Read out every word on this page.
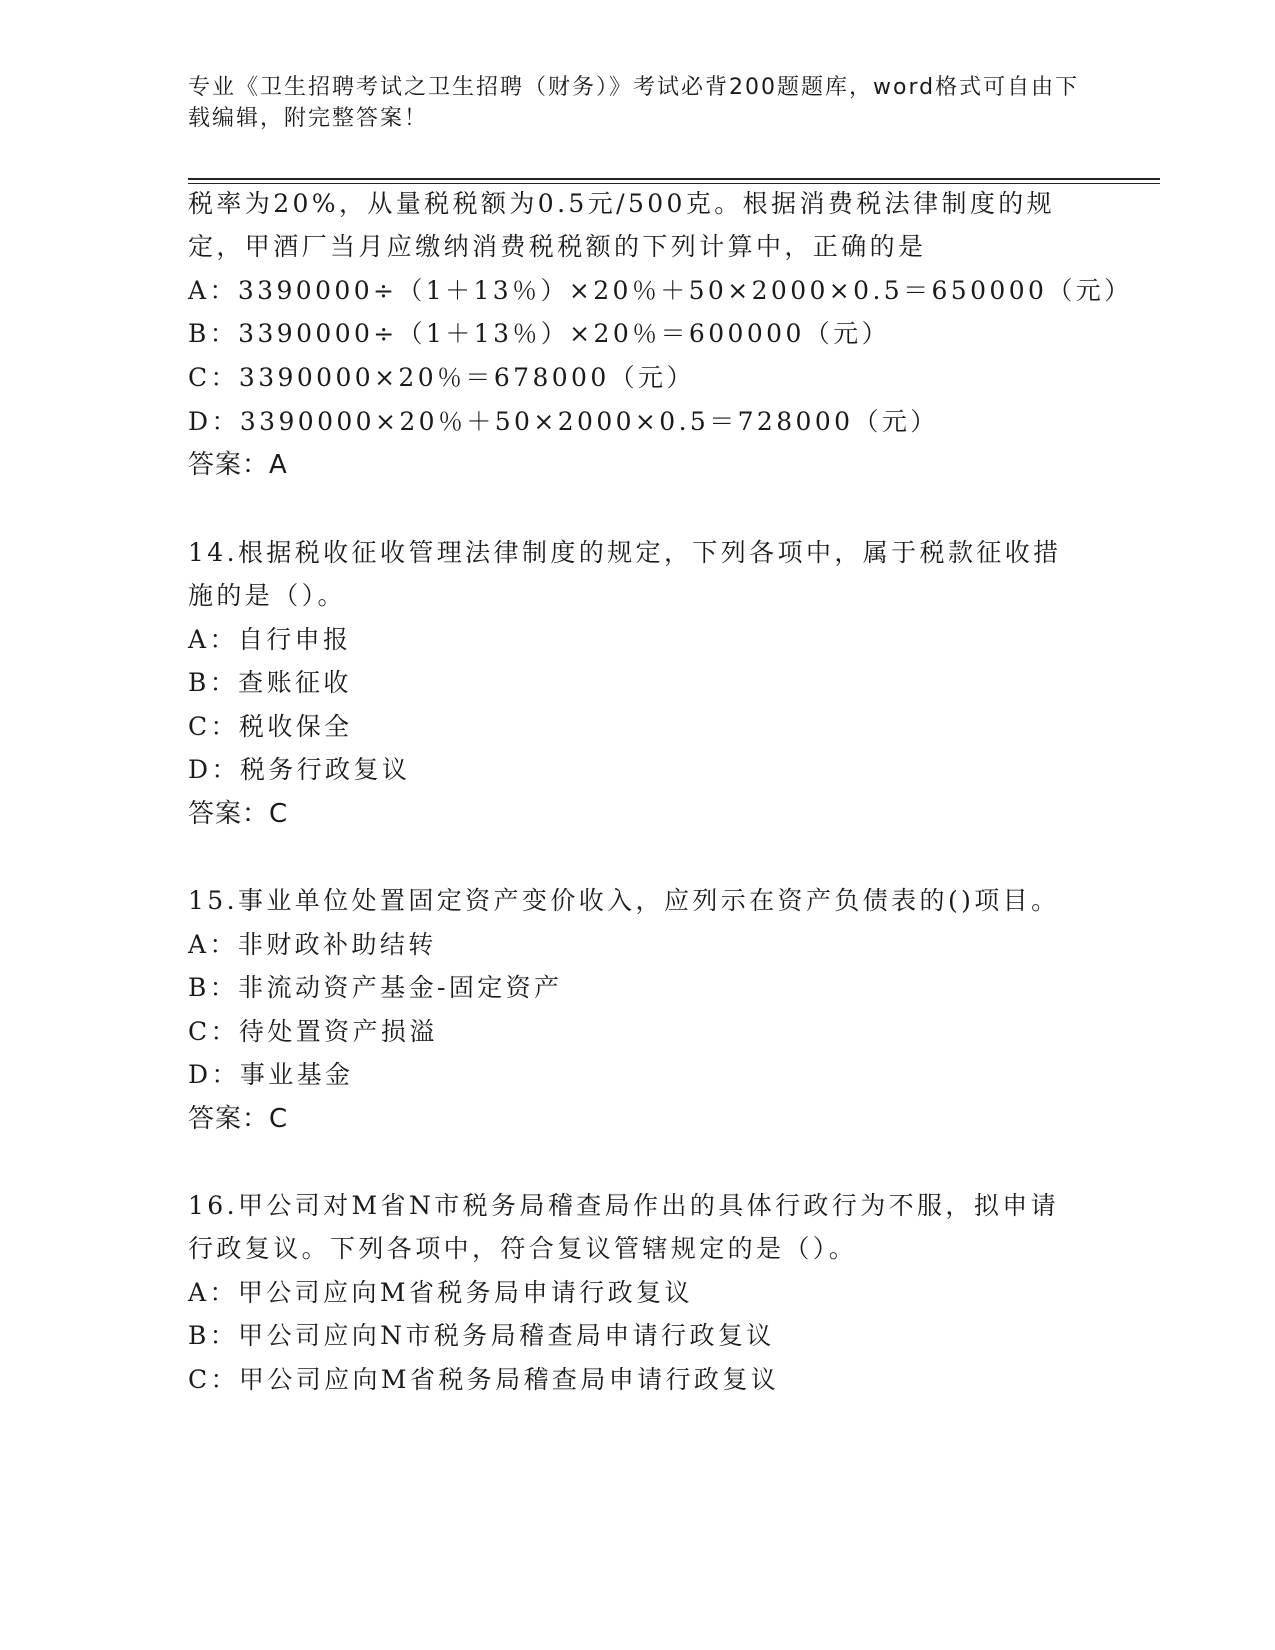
专业《卫生招聘考试之卫生招聘（财务）》考试必背200题题库，word格式可自由下载编辑，附完整答案！
税率为20%，从量税税额为0.5元/500克。根据消费税法律制度的规
定，甲酒厂当月应缴纳消费税税额的下列计算中，正确的是
A：3390000÷（1＋13％）×20％＋50×2000×0.5＝650000（元）
B：3390000÷（1＋13％）×20％＝600000（元）
C：3390000×20％＝678000（元）
D：3390000×20％＋50×2000×0.5＝728000（元）
答案：A
14.根据税收征收管理法律制度的规定，下列各项中，属于税款征收措
施的是（）。
A：自行申报
B：查账征收
C：税收保全
D：税务行政复议
答案：C
15.事业单位处置固定资产变价收入，应列示在资产负债表的()项目。
A：非财政补助结转
B：非流动资产基金-固定资产
C：待处置资产损溢
D：事业基金
答案：C
16.甲公司对M省N市税务局稽查局作出的具体行政行为不服，拟申请
行政复议。下列各项中，符合复议管辖规定的是（）。
A：甲公司应向M省税务局申请行政复议
B：甲公司应向N市税务局稽查局申请行政复议
C：甲公司应向M省税务局稽查局申请行政复议
